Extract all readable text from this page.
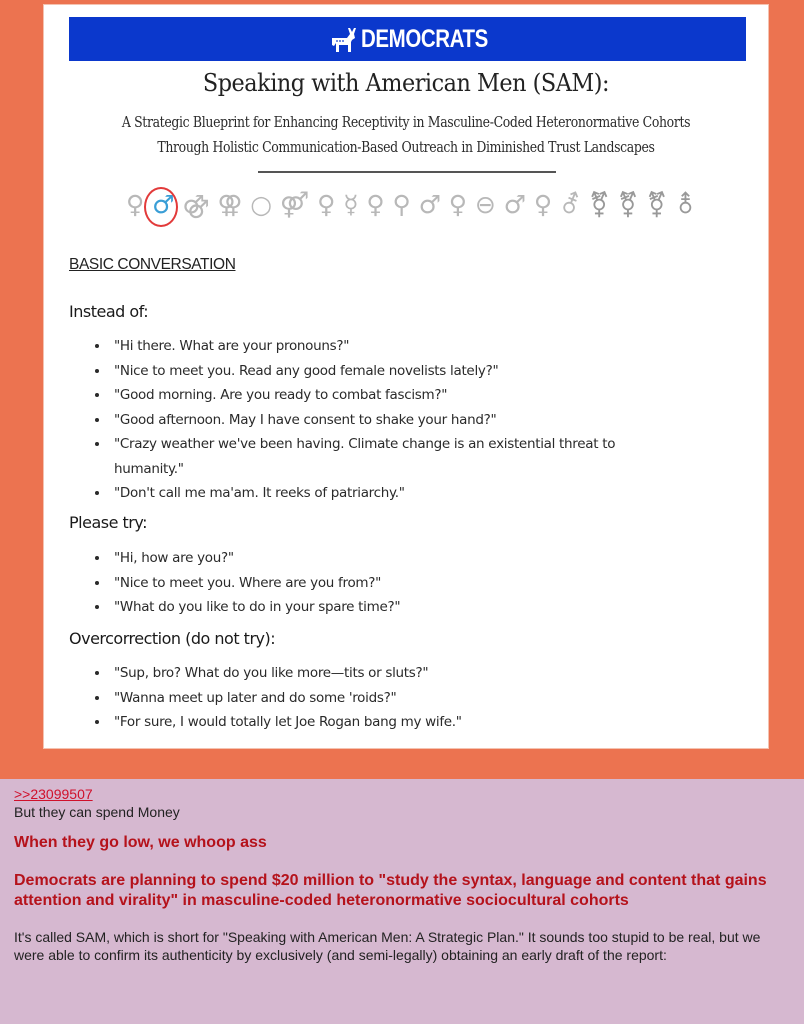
DEMOCRATS
Speaking with American Men (SAM):
A Strategic Blueprint for Enhancing Receptivity in Masculine-Coded Heteronormative Cohorts
Through Holistic Communication-Based Outreach in Diminished Trust Landscapes
♀ ♂ ⚣ ⚢ ○ ⚤ ♀ ☿ ♀ ⚲ ♂ ♀ ⊖ ♂ ♀ ⚦ ⚧ ⚧ ⚧ ⚨
BASIC CONVERSATION
Instead of:
• "Hi there. What are your pronouns?"
• "Nice to meet you. Read any good female novelists lately?"
• "Good morning. Are you ready to combat fascism?"
• "Good afternoon. May I have consent to shake your hand?"
• "Crazy weather we've been having. Climate change is an existential threat to humanity."
• "Don't call me ma'am. It reeks of patriarchy."
Please try:
• "Hi, how are you?"
• "Nice to meet you. Where are you from?"
• "What do you like to do in your spare time?"
Overcorrection (do not try):
• "Sup, bro? What do you like more—tits or sluts?"
• "Wanna meet up later and do some 'roids?"
• "For sure, I would totally let Joe Rogan bang my wife."
>>23099507
But they can spend Money
When they go low, we whoop ass
Democrats are planning to spend $20 million to "study the syntax, language and content that gains attention and virality" in masculine-coded heteronormative sociocultural cohorts
It's called SAM, which is short for "Speaking with American Men: A Strategic Plan." It sounds too stupid to be real, but we were able to confirm its authenticity by exclusively (and semi-legally) obtaining an early draft of the report:
